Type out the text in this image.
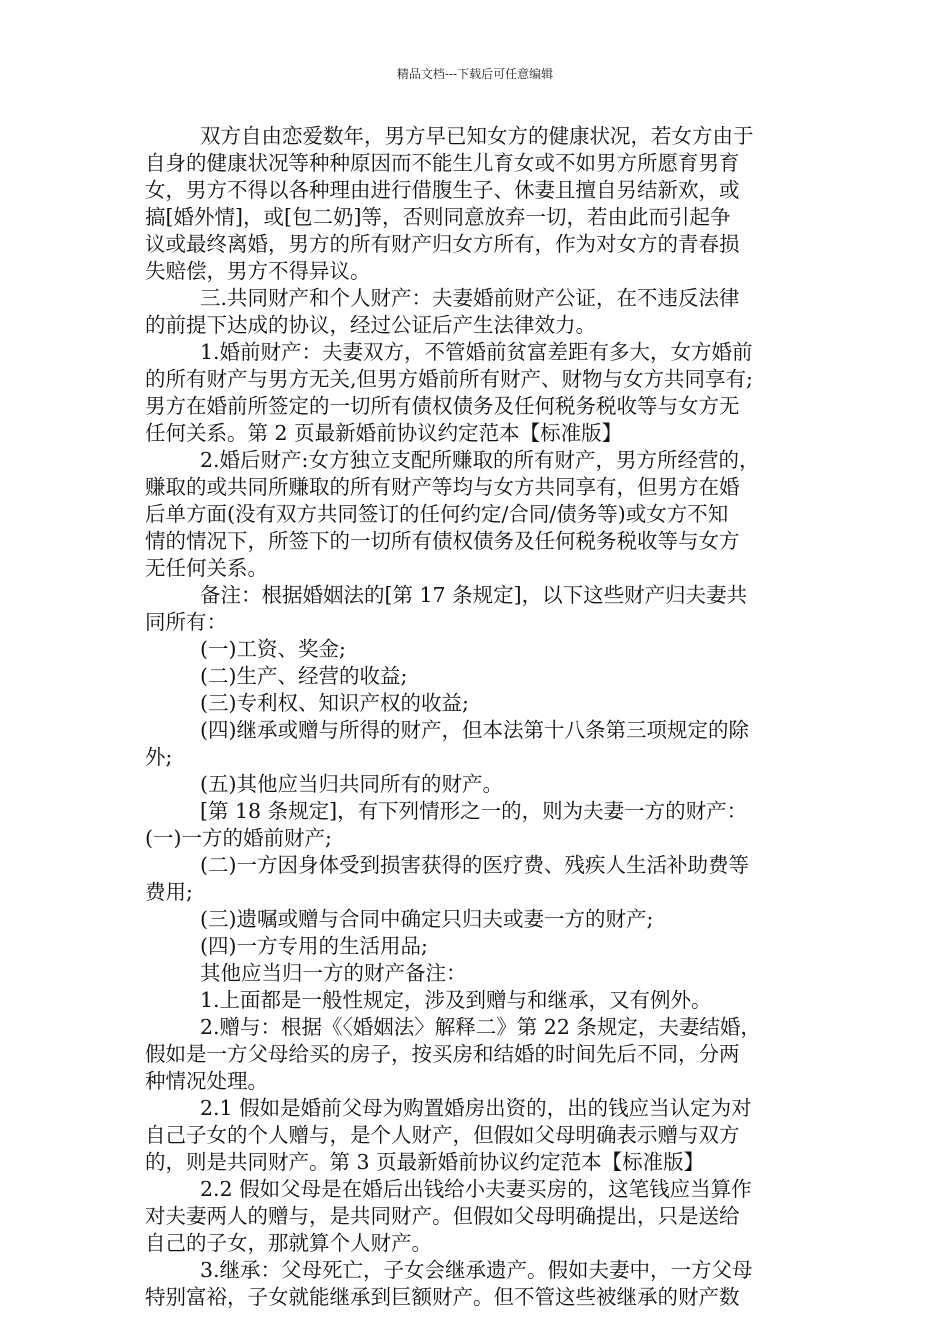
精品文档---下载后可任意编辑
双方自由恋爱数年，男方早已知女方的健康状况，若女方由于
自身的健康状况等种种原因而不能生儿育女或不如男方所愿育男育
女，男方不得以各种理由进行借腹生子、休妻且擅自另结新欢，或
搞[婚外情]，或[包二奶]等，否则同意放弃一切，若由此而引起争
议或最终离婚，男方的所有财产归女方所有，作为对女方的青春损
失赔偿，男方不得异议。
三.共同财产和个人财产：夫妻婚前财产公证，在不违反法律
的前提下达成的协议，经过公证后产生法律效力。
1.婚前财产：夫妻双方，不管婚前贫富差距有多大，女方婚前
的所有财产与男方无关,但男方婚前所有财产、财物与女方共同享有;
男方在婚前所签定的一切所有债权债务及任何税务税收等与女方无
任何关系。第 2 页最新婚前协议约定范本【标准版】
2.婚后财产:女方独立支配所赚取的所有财产，男方所经营的，
赚取的或共同所赚取的所有财产等均与女方共同享有，但男方在婚
后单方面(没有双方共同签订的任何约定/合同/债务等)或女方不知
情的情况下，所签下的一切所有债权债务及任何税务税收等与女方
无任何关系。
备注：根据婚姻法的[第 17 条规定]，以下这些财产归夫妻共
同所有：
(一)工资、奖金;
(二)生产、经营的收益;
(三)专利权、知识产权的收益;
(四)继承或赠与所得的财产，但本法第十八条第三项规定的除
外;
(五)其他应当归共同所有的财产。
[第 18 条规定]，有下列情形之一的，则为夫妻一方的财产：
(一)一方的婚前财产;
(二)一方因身体受到损害获得的医疗费、残疾人生活补助费等
费用;
(三)遗嘱或赠与合同中确定只归夫或妻一方的财产;
(四)一方专用的生活用品;
其他应当归一方的财产备注：
1.上面都是一般性规定，涉及到赠与和继承，又有例外。
2.赠与：根据《〈婚姻法〉解释二》第 22 条规定，夫妻结婚，
假如是一方父母给买的房子，按买房和结婚的时间先后不同，分两
种情况处理。
2.1 假如是婚前父母为购置婚房出资的，出的钱应当认定为对
自己子女的个人赠与，是个人财产，但假如父母明确表示赠与双方
的，则是共同财产。第 3 页最新婚前协议约定范本【标准版】
2.2 假如父母是在婚后出钱给小夫妻买房的，这笔钱应当算作
对夫妻两人的赠与，是共同财产。但假如父母明确提出，只是送给
自己的子女，那就算个人财产。
3.继承：父母死亡，子女会继承遗产。假如夫妻中，一方父母
特别富裕，子女就能继承到巨额财产。但不管这些被继承的财产数
